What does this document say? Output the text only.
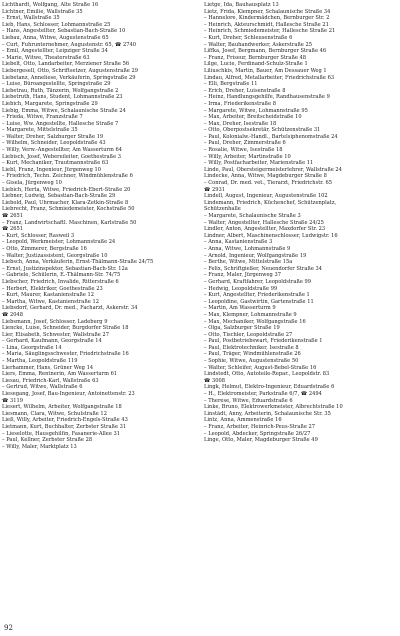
Lichthardt, Wolfgang, Alte Straße 16
Lichtner, Emilie, Wallstraße 35
– Ernst, Wallstraße 35
Lieb, Hans, Schlosser, Lohmannstraße 25
– Hans, Angestellter, Sebastian-Bach-Straße 10
Liebau, Anna, Witwe, Augustenstraße 65
– Curt, Fuhrunternehmer, Augustenstr. 65, ☎ 2740
– Emil, Angestellter, Leipziger Straße 34
– Marie, Witwe, Theaterstraße 63
Liebelt, Otto, Landarbeiter, Merziener Straße 56
Liebergesell, Otto, Schriftsetzer, Augustenstraße 29
Liebetanz, Anneliese, Verkäuferin, Springstraße 29
– Luise, Büroangestellte, Springstraße 29
Liebetrau, Ruth, Tänzerin, Wolfgangstraße 2
Liebetruth, Hans, Student, Lohmannstraße 23
Liebich, Margarete, Springstraße 29
Liebig, Emma, Witwe, Schalaunische Straße 24
– Frieda, Witwe, Franzstraße 7
– Luise, Ww. Angestellte, Hallesche Straße 7
– Margarete, Mittelstraße 35
– Walter, Dreher, Salzburger Straße 19
– Wilhelm, Schneider, Leopoldstraße 43
– Willy, Verw.-Angestellter, Am Wasserturm 64
Liebisch, Josef, Webereileiter, Goethestraße 3
– Kurt, Mechaniker, Trautmannstraße 63
Liebl, Franz, Ingenieur, Jürgenweg 10
– Friedrich, Techn. Zeichner, Windmühlenstraße 6
– Gisela, Jürgenweg 10
Liebich, Herta, Witwe, Friedrich-Ebert-Straße 20
Liebner, Ludwig, Sebastian-Bach-Straße 29
Liebold, Paul, Uhrmacher, Klara-Zetkin-Straße 8
Liebrecht, Franz, Schmiedemeister, Kochstraße 50
☎ 2651
– Franz, Landwirtschaftl. Maschinen, Karlstraße 50
☎ 2651
– Kurt, Schlosser, Rasweil 3
– Leopold, Werkmeister, Lohmannstraße 24
– Otto, Zimmerer, Bergstraße 16
– Walter, Justizassistent, Georgstraße 10
Liebsch, Anna, Verkäuferin, Ernst-Thälmann-Straße 24/75
– Ernst, Justizinspektor, Sebastian-Bach-Str. 12a
– Gabriele, Schülerin, E.-Thälmann-Str. 74/75
Liebscher, Friedrich, Invalide, Ritterstraße 6
– Herbert, Elektriker, Goethestraße 23
– Kurt, Maurer, Kastanienstraße 12
– Martha, Witwe, Kastanienstraße 12
Liebsdorf, Gerhard, Dr. med., Facharzt, Askerstr. 34
☎ 2048
Liebsmann, Josef, Schlosser, Ladeburg 9
Liencke, Luise, Schneider, Burgdorfer Straße 18
Lier, Elisabeth, Schwester, Wallstraße 27
– Gerhard, Kaufmann, Georgstraße 14
– Lina, Georgstraße 14
– Maria, Säuglingsschwester, Friedrichstraße 16
– Martha, Leopoldstraße 119
Lierhammer, Hans, Grüner Weg 14
Liers, Emma, Rentnerin, Am Wasserturm 61
Liesau, Friedrich-Karl, Wallstraße 63
– Gertrud, Witwe, Wallstraße 6
Liesegang, Josef, Bau-Ingenieur, Antoinettenstr. 23
☎ 3119
Liesert, Wilhelm, Arbeiter, Wolfgangstraße 18
Liesmann, Clara, Witwe, Schulstraße 12
Ließ, Willy, Arbeiter, Friedrich-Engels-Straße 43
Lietmann, Kurt, Buchhalter, Zerbster Straße 31
– Lieselotte, Hausgehilfin, Fasanerie-Allee 31
– Paul, Kellner, Zerbster Straße 28
– Willy, Maler, Marktplatz 13
Lietge, Ida, Bauhausplatz 13
Lietz, Frida, Klempner, Schalaunische Straße 34
– Hannelore, Kindermädchen, Bernburger Str. 2
– Heinrich, Akteurschmidt, Hallesche Straße 21
– Heinrich, Schmiedemeister, Hallesche Straße 21
– Kurt, Dreher, Schleusenstraße 6
– Walter, Bauhandwerker, Askerstraße 25
Liffka, Josef, Bergmann, Bernburger Straße 46
– Franz, Friseur, Bernburger Straße 48
Lilge, Lucie, Ferdinand-Schulz-Straße 1
Liliuschkis, Martin, Bauer, Am Dessauer Weg 1
Lindau, Alfred, Metallarbeiter, Friedrichstraße 63
– Elli, Bergstraße 11
– Erich, Dreher, Luisenstraße 8
– Heinz, Handlungsgehilfe, Randhausenstraße 9
– Irma, Friederikenstraße 8
– Margarete, Witwe, Lohmannstraße 95
– Max, Arbeiter, Breitscheidstraße 10
– Max, Dreher, Isestraße 18
– Otto, Oberpostsekretär, Schützenstraße 31
– Paul, Kolonialw.-Handl., Bartelsiphenomstraße 24
– Paul, Dreher, Zimmerstraße 6
– Rosalie, Witwe, Isestraße 18
– Willy, Arbeiter, Martinstraße 10
– Willy, Postfacharbeiter, Marienstraße 11
Linde, Paul, Obersteigermeisterlehrer, Wallstraße 24
Lindecke, Anna, Witwe, Magdeburger Straße 8
– Conrad, Dr. med. vet., Tierarzt, Friedrichstr. 65
☎ 2931
Lindell, August, Ingenieur, Augustenstraße 102
Lindemann, Friedrich, Küchenchef, Schützenplatz,
Schützenhalle
– Margarete, Schalaunische Straße 3
– Walter, Angestellter, Hallesche Straße 24/25
Lindler, Anton, Angestellter, Maxdorfer Str. 23
Lindner, Albert, Maschinenschlosser, Ludwigstr. 16
– Anna, Kastanienstraße 3
– Anna, Witwe, Lohmannstraße 9
– Arnold, Ingenieur, Wolfgangstraße 19
– Berthe, Witwe, Mittelstraße 15a
– Felix, Schriftgießer, Neuendorfer Straße 34
– Franz, Maler, Jürgenweg 37
– Gerhard, Kraftfahrer, Leopoldstraße 99
– Hedwig, Leopoldstraße 99
– Kurt, Angestellter, Friederikenstraße 1
– Leopoldine, Gastwirtin, Gartenstraße 11
– Martin, Am Wasserturm 9
– Max, Klempner, Lohmannstraße 9
– Max, Mechaniker, Wolfgangstraße 16
– Olga, Salzburger Straße 19
– Otto, Tischler, Leopoldstraße 27
– Paul, Postbetriebswart, Friederikenstraße 1
– Paul, Elektrotechniker, Isestraße 8
– Paul, Träger, Windmühlenstraße 26
– Sophie, Witwe, Augustenstraße 50
– Walter, Schleifer, August-Bebel-Straße 16
Lindstedt, Otto, Autoteile-Repar., Leopoldstr. 83
☎ 3008
Lingk, Helmut, Elektro-Ingenieur, Eduardstraße 6
– H., Elektromeister, Parkstraße 6/7, ☎ 2494
– Therese, Witwe, Eduardstraße 6
Linke, Bruno, Elektrowerkmeister, Albrechtstraße 10
Linstädt, Anny, Arbeiterin, Schalaunische Str. 35
Lintz, Anna, Ammenstraße 16
– Franz, Arbeiter, Heinrich-Peus-Straße 27
– Leopold, Abdecker, Springstraße 26/27
Linge, Otto, Maler, Magdeburger Straße 49
92
